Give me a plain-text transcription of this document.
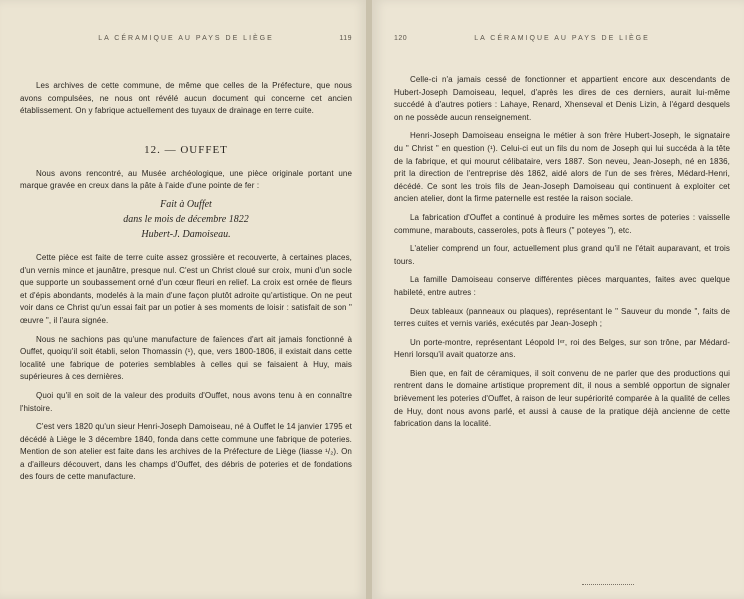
LA CÉRAMIQUE AU PAYS DE LIÈGE	119

Les archives de cette commune, de même que celles de la Préfecture, que nous avons compulsées, ne nous ont révélé aucun document qui concerne cet ancien établissement. On y fabrique actuellement des tuyaux de drainage en terre cuite.

12. — OUFFET

Nous avons rencontré, au Musée archéologique, une pièce originale portant une marque gravée en creux dans la pâte à l'aide d'une pointe de fer :

Fait à Ouffet
dans le mois de décembre 1822
Hubert-J. Damoiseau.

Cette pièce est faite de terre cuite assez grossière et recouverte, à certaines places, d'un vernis mince et jaunâtre, presque nul. C'est un Christ cloué sur croix, muni d'un socle que supporte un soubassement orné d'un cœur fleuri en relief. La croix est ornée de fleurs et d'épis abondants, modelés à la main d'une façon plutôt adroite qu'artistique. On ne peut voir dans ce Christ qu'un essai fait par un potier à ses moments de loisir : satisfait de son " œuvre ", il l'aura signée.

Nous ne sachions pas qu'une manufacture de faïences d'art ait jamais fonctionné à Ouffet, quoiqu'il soit établi, selon Thomassin (¹), que, vers 1800-1806, il existait dans cette localité une fabrique de poteries semblables à celles qui se faisaient à Huy, mais supérieures à ces dernières.

Quoi qu'il en soit de la valeur des produits d'Ouffet, nous avons tenu à en connaître l'histoire.

C'est vers 1820 qu'un sieur Henri-Joseph Damoiseau, né à Ouffet le 14 janvier 1795 et décédé à Liège le 3 décembre 1840, fonda dans cette commune une fabrique de poteries. Mention de son atelier est faite dans les archives de la Préfecture de Liège (liasse ¹/₂). On a d'ailleurs découvert, dans les champs d'Ouffet, des débris de poteries et de fondations des fours de cette manufacture.

120	LA CÉRAMIQUE AU PAYS DE LIÈGE

Celle-ci n'a jamais cessé de fonctionner et appartient encore aux descendants de Hubert-Joseph Damoiseau, lequel, d'après les dires de ces derniers, aurait lui-même succédé à d'autres potiers : Lahaye, Renard, Xhenseval et Denis Lizin, à l'égard desquels on ne possède aucun renseignement.

Henri-Joseph Damoiseau enseigna le métier à son frère Hubert-Joseph, le signataire du " Christ " en question (¹). Celui-ci eut un fils du nom de Joseph qui lui succéda à la tête de la fabrique, et qui mourut célibataire, vers 1887. Son neveu, Jean-Joseph, né en 1836, prit la direction de l'entreprise dès 1862, aidé alors de l'un de ses frères, Médard-Henri, décédé. Ce sont les trois fils de Jean-Joseph Damoiseau qui continuent à exploiter cet ancien atelier, dont la firme paternelle est restée la raison sociale.

La fabrication d'Ouffet a continué à produire les mêmes sortes de poteries : vaisselle commune, marabouts, casseroles, pots à fleurs (" poteyes "), etc.

L'atelier comprend un four, actuellement plus grand qu'il ne l'était auparavant, et trois tours.

La famille Damoiseau conserve différentes pièces marquantes, faites avec quelque habileté, entre autres :

Deux tableaux (panneaux ou plaques), représentant le " Sauveur du monde ", faits de terres cuites et vernis variés, exécutés par Jean-Joseph ;

Un porte-montre, représentant Léopold Iᵉʳ, roi des Belges, sur son trône, par Médard-Henri lorsqu'il avait quatorze ans.

Bien que, en fait de céramiques, il soit convenu de ne parler que des productions qui rentrent dans le domaine artistique proprement dit, il nous a semblé opportun de signaler brièvement les poteries d'Ouffet, à raison de leur supériorité comparée à la qualité de celles de Huy, dont nous avons parlé, et aussi à cause de la pratique déjà ancienne de cette fabrication dans la localité.
